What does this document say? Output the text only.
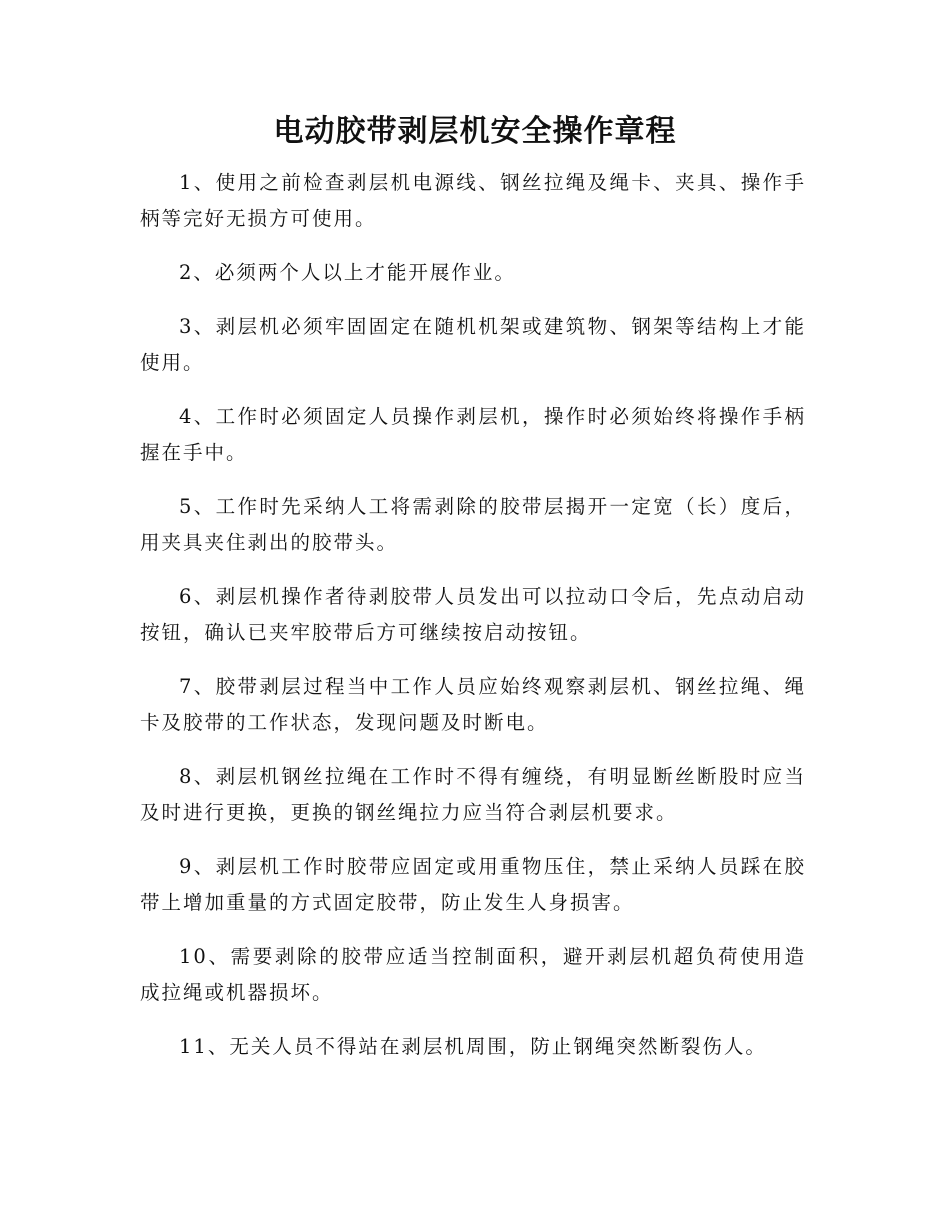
电动胶带剥层机安全操作章程

1、使用之前检查剥层机电源线、钢丝拉绳及绳卡、夹具、操作手柄等完好无损方可使用。

2、必须两个人以上才能开展作业。

3、剥层机必须牢固固定在随机机架或建筑物、钢架等结构上才能使用。

4、工作时必须固定人员操作剥层机，操作时必须始终将操作手柄握在手中。

5、工作时先采纳人工将需剥除的胶带层揭开一定宽（长）度后，用夹具夹住剥出的胶带头。

6、剥层机操作者待剥胶带人员发出可以拉动口令后，先点动启动按钮，确认已夹牢胶带后方可继续按启动按钮。

7、胶带剥层过程当中工作人员应始终观察剥层机、钢丝拉绳、绳卡及胶带的工作状态，发现问题及时断电。

8、剥层机钢丝拉绳在工作时不得有缠绕，有明显断丝断股时应当及时进行更换，更换的钢丝绳拉力应当符合剥层机要求。

9、剥层机工作时胶带应固定或用重物压住，禁止采纳人员踩在胶带上增加重量的方式固定胶带，防止发生人身损害。

10、需要剥除的胶带应适当控制面积，避开剥层机超负荷使用造成拉绳或机器损坏。

11、无关人员不得站在剥层机周围，防止钢绳突然断裂伤人。
